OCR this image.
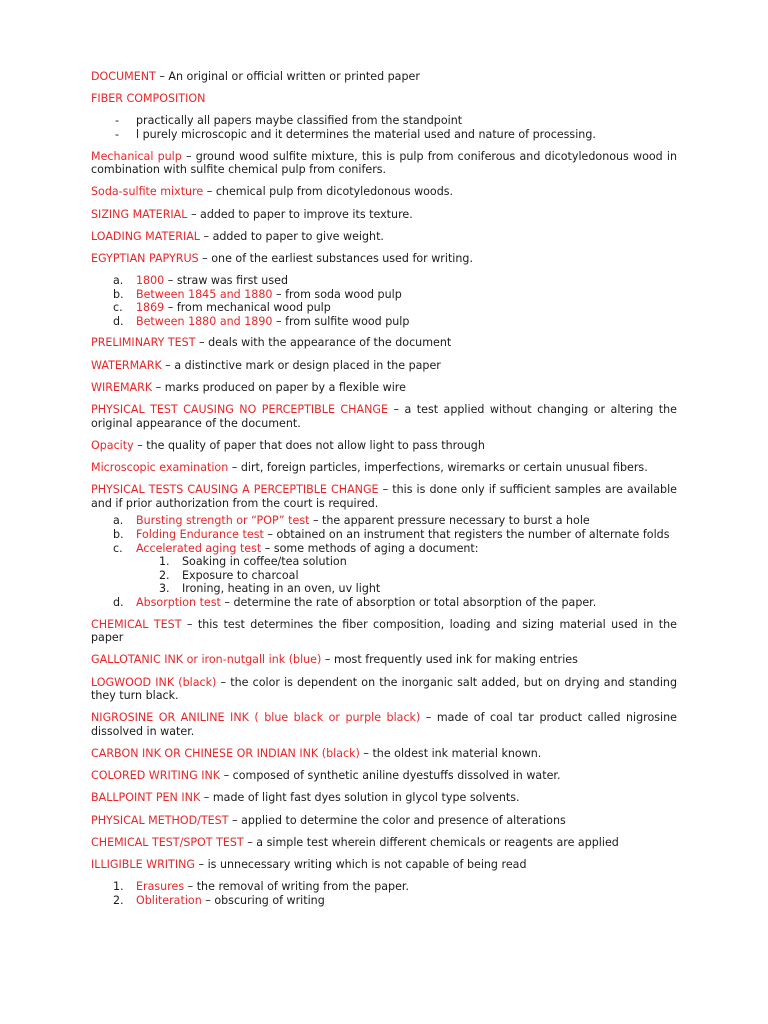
DOCUMENT – An original or official written or printed paper

FIBER COMPOSITION

- practically all papers maybe classified from the standpoint
- l purely microscopic and it determines the material used and nature of processing.

Mechanical pulp – ground wood sulfite mixture, this is pulp from coniferous and dicotyledonous wood in combination with sulfite chemical pulp from conifers.

Soda-sulfite mixture – chemical pulp from dicotyledonous woods.

SIZING MATERIAL – added to paper to improve its texture.

LOADING MATERIAL – added to paper to give weight.

EGYPTIAN PAPYRUS – one of the earliest substances used for writing.

a. 1800 – straw was first used
b. Between 1845 and 1880 – from soda wood pulp
c. 1869 – from mechanical wood pulp
d. Between 1880 and 1890 – from sulfite wood pulp

PRELIMINARY TEST – deals with the appearance of the document

WATERMARK – a distinctive mark or design placed in the paper

WIREMARK – marks produced on paper by a flexible wire

PHYSICAL TEST CAUSING NO PERCEPTIBLE CHANGE – a test applied without changing or altering the original appearance of the document.

Opacity – the quality of paper that does not allow light to pass through

Microscopic examination – dirt, foreign particles, imperfections, wiremarks or certain unusual fibers.

PHYSICAL TESTS CAUSING A PERCEPTIBLE CHANGE – this is done only if sufficient samples are available and if prior authorization from the court is required.

a. Bursting strength or “POP” test – the apparent pressure necessary to burst a hole
b. Folding Endurance test – obtained on an instrument that registers the number of alternate folds
c. Accelerated aging test – some methods of aging a document:
1. Soaking in coffee/tea solution
2. Exposure to charcoal
3. Ironing, heating in an oven, uv light
d. Absorption test – determine the rate of absorption or total absorption of the paper.

CHEMICAL TEST – this test determines the fiber composition, loading and sizing material used in the paper

GALLOTANIC INK or iron-nutgall ink (blue) – most frequently used ink for making entries

LOGWOOD INK (black) – the color is dependent on the inorganic salt added, but on drying and standing they turn black.

NIGROSINE OR ANILINE INK ( blue black or purple black) – made of coal tar product called nigrosine dissolved in water.

CARBON INK OR CHINESE OR INDIAN INK (black) – the oldest ink material known.

COLORED WRITING INK – composed of synthetic aniline dyestuffs dissolved in water.

BALLPOINT PEN INK – made of light fast dyes solution in glycol type solvents.

PHYSICAL METHOD/TEST – applied to determine the color and presence of alterations

CHEMICAL TEST/SPOT TEST – a simple test wherein different chemicals or reagents are applied

ILLIGIBLE WRITING – is unnecessary writing which is not capable of being read

1. Erasures – the removal of writing from the paper.
2. Obliteration – obscuring of writing
